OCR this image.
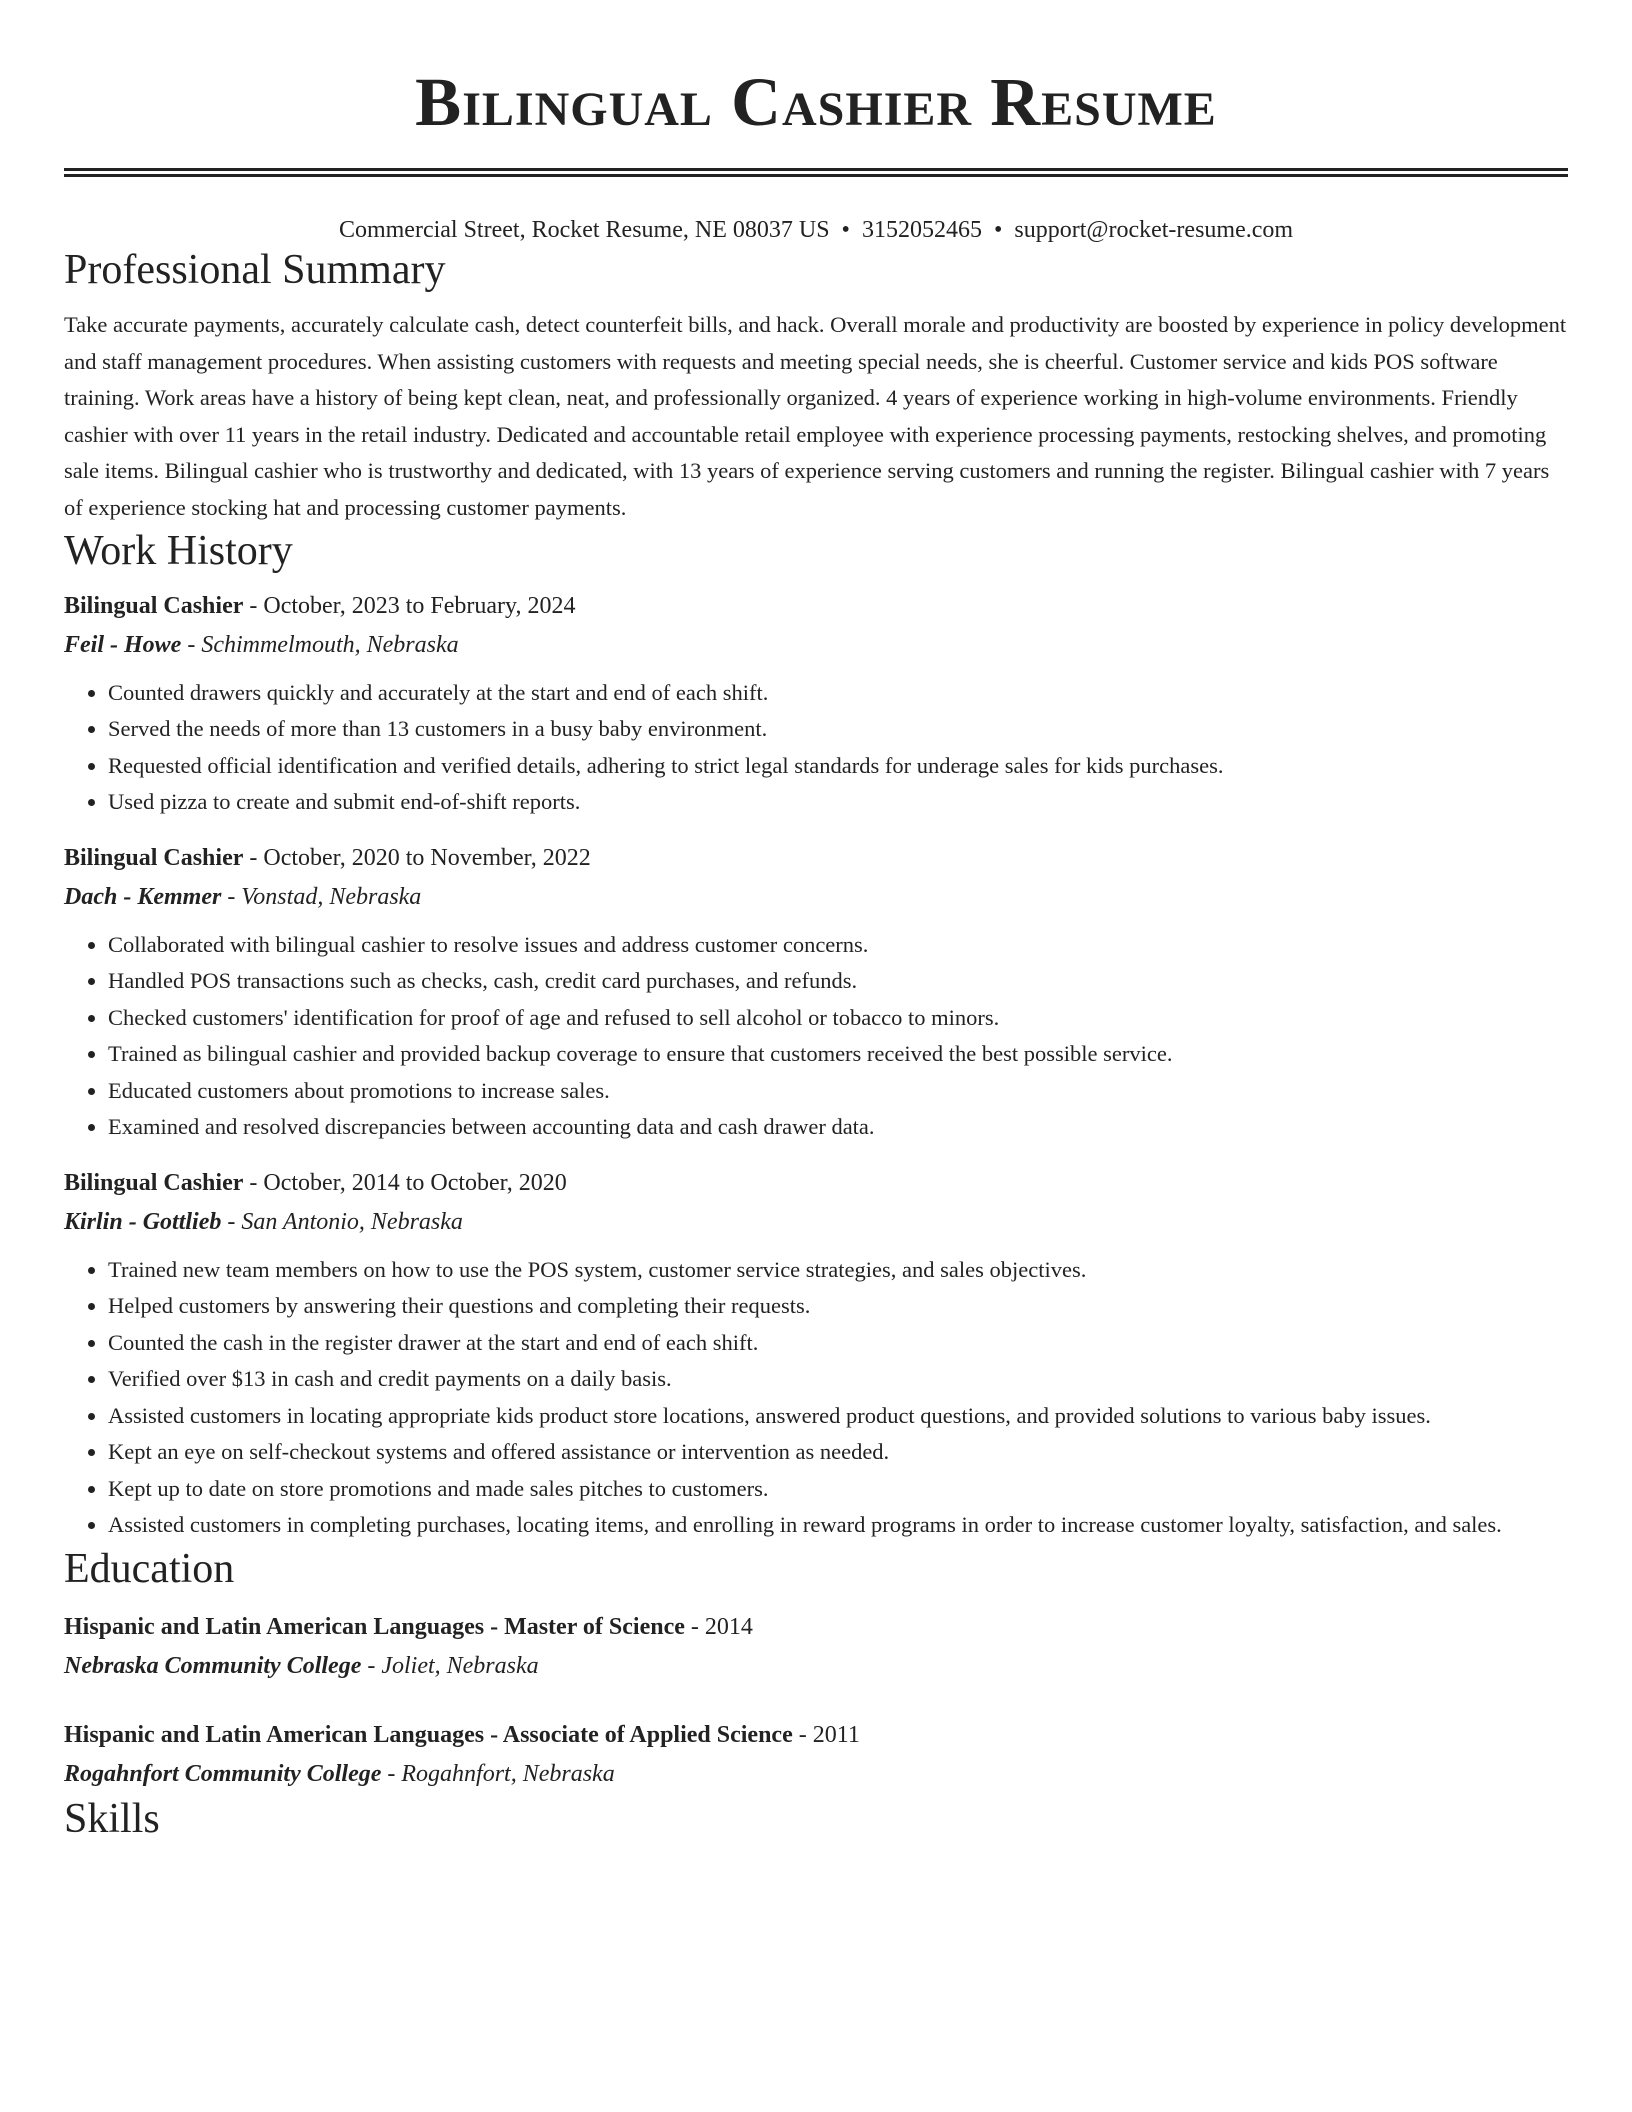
Bilingual Cashier Resume
Commercial Street, Rocket Resume, NE 08037 US • 3152052465 • support@rocket-resume.com
Professional Summary

Take accurate payments, accurately calculate cash, detect counterfeit bills, and hack. Overall morale and productivity are boosted by experience in policy development and staff management procedures. When assisting customers with requests and meeting special needs, she is cheerful. Customer service and kids POS software training. Work areas have a history of being kept clean, neat, and professionally organized. 4 years of experience working in high-volume environments. Friendly cashier with over 11 years in the retail industry. Dedicated and accountable retail employee with experience processing payments, restocking shelves, and promoting sale items. Bilingual cashier who is trustworthy and dedicated, with 13 years of experience serving customers and running the register. Bilingual cashier with 7 years of experience stocking hat and processing customer payments.

Work History
Bilingual Cashier - October, 2023 to February, 2024
Feil - Howe - Schimmelmouth, Nebraska
• Counted drawers quickly and accurately at the start and end of each shift.
• Served the needs of more than 13 customers in a busy baby environment.
• Requested official identification and verified details, adhering to strict legal standards for underage sales for kids purchases.
• Used pizza to create and submit end-of-shift reports.
Bilingual Cashier - October, 2020 to November, 2022
Dach - Kemmer - Vonstad, Nebraska
• Collaborated with bilingual cashier to resolve issues and address customer concerns.
• Handled POS transactions such as checks, cash, credit card purchases, and refunds.
• Checked customers' identification for proof of age and refused to sell alcohol or tobacco to minors.
• Trained as bilingual cashier and provided backup coverage to ensure that customers received the best possible service.
• Educated customers about promotions to increase sales.
• Examined and resolved discrepancies between accounting data and cash drawer data.
Bilingual Cashier - October, 2014 to October, 2020
Kirlin - Gottlieb - San Antonio, Nebraska
• Trained new team members on how to use the POS system, customer service strategies, and sales objectives.
• Helped customers by answering their questions and completing their requests.
• Counted the cash in the register drawer at the start and end of each shift.
• Verified over $13 in cash and credit payments on a daily basis.
• Assisted customers in locating appropriate kids product store locations, answered product questions, and provided solutions to various baby issues.
• Kept an eye on self-checkout systems and offered assistance or intervention as needed.
• Kept up to date on store promotions and made sales pitches to customers.
• Assisted customers in completing purchases, locating items, and enrolling in reward programs in order to increase customer loyalty, satisfaction, and sales.
Education
Hispanic and Latin American Languages - Master of Science - 2014
Nebraska Community College - Joliet, Nebraska
Hispanic and Latin American Languages - Associate of Applied Science - 2011
Rogahnfort Community College - Rogahnfort, Nebraska
Skills
